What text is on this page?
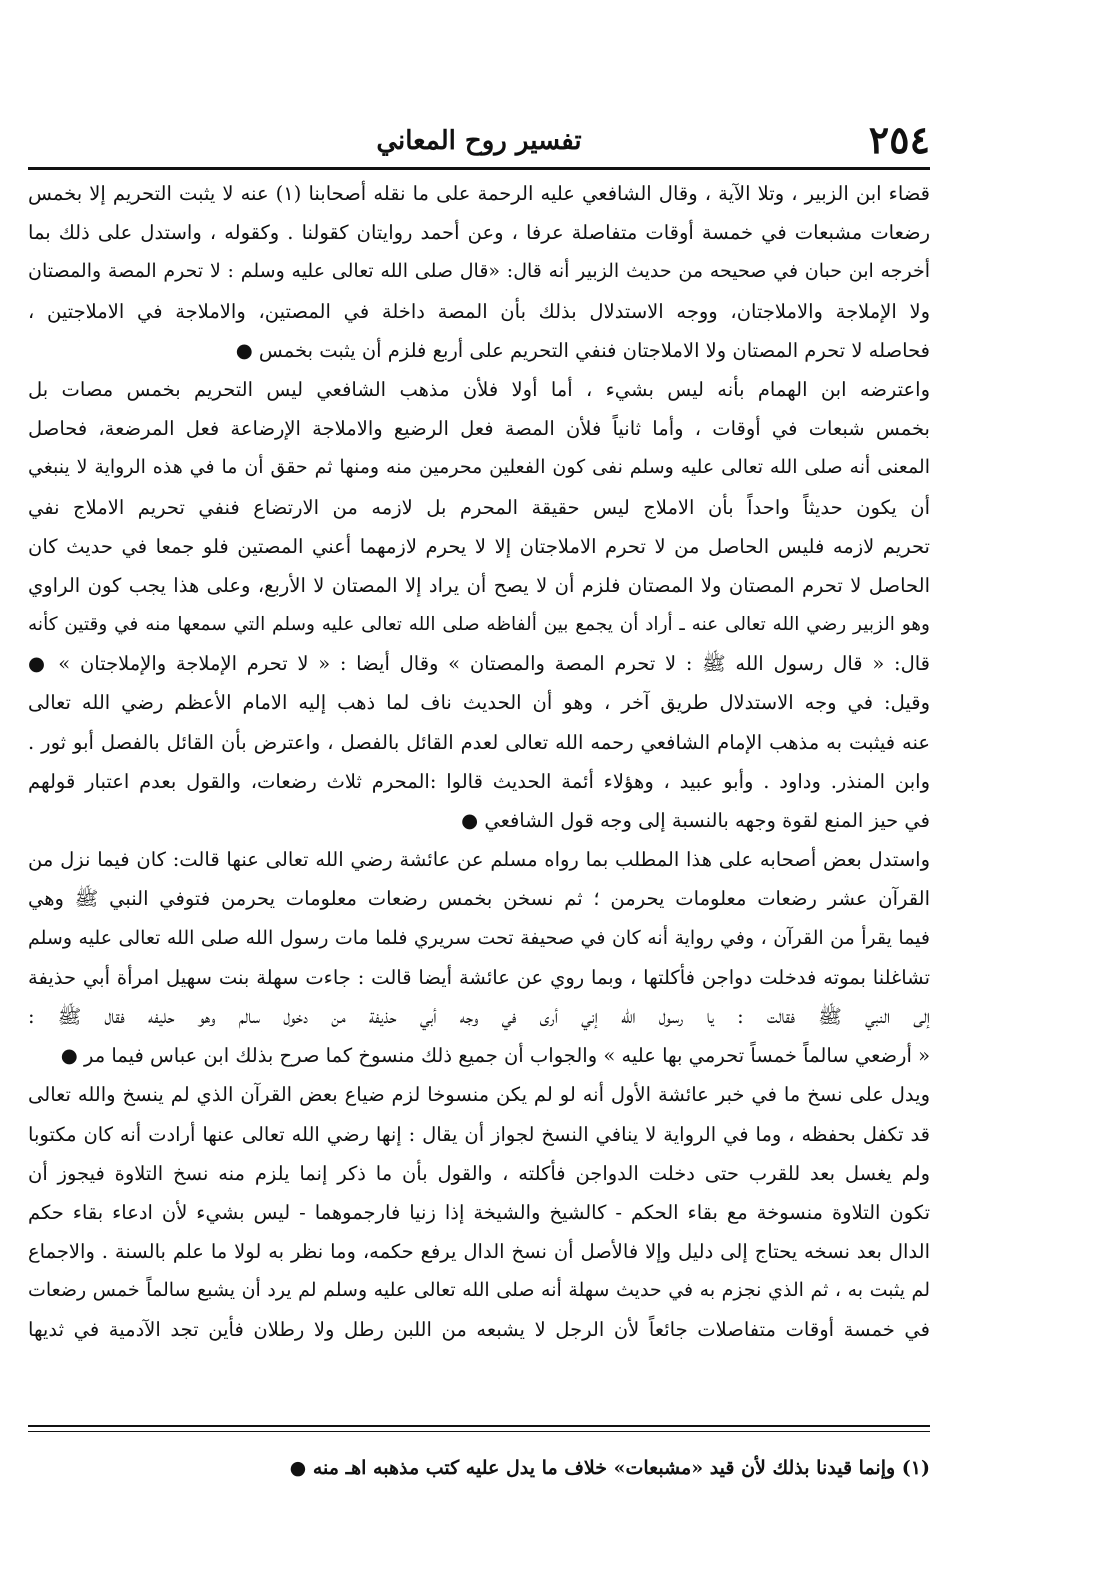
٢٥٤
تفسير روح المعاني
قضاء ابن الزبير ، وتلا الآية ، وقال الشافعي عليه الرحمة على ما نقله أصحابنا (١) عنه لا يثبت التحريم إلا بخمس
رضعات مشبعات في خمسة أوقات متفاصلة عرفا ، وعن أحمد روايتان كقولنا . وكقوله ، واستدل على ذلك بما
أخرجه ابن حبان في صحيحه من حديث الزبير أنه قال: «قال صلى الله تعالى عليه وسلم : لا تحرم المصة والمصتان
ولا الإملاجة والاملاجتان، ووجه الاستدلال بذلك بأن المصة داخلة في المصتين، والاملاجة في الاملاجتين ،
فحاصله لا تحرم المصتان ولا الاملاجتان فنفي التحريم على أربع فلزم أن يثبت بخمس ●
واعترضه ابن الهمام بأنه ليس بشيء ، أما أولا فلأن مذهب الشافعي ليس التحريم بخمس مصات بل
بخمس شبعات في أوقات ، وأما ثانياً فلأن المصة فعل الرضيع والاملاجة الإرضاعة فعل المرضعة، فحاصل
المعنى أنه صلى الله تعالى عليه وسلم نفى كون الفعلين محرمين منه ومنها ثم حقق أن ما في هذه الرواية لا ينبغي
أن يكون حديثاً واحداً بأن الاملاج ليس حقيقة المحرم بل لازمه من الارتضاع فنفي تحريم الاملاج نفي
تحريم لازمه فليس الحاصل من لا تحرم الاملاجتان إلا لا يحرم لازمهما أعني المصتين فلو جمعا في حديث كان
الحاصل لا تحرم المصتان ولا المصتان فلزم أن لا يصح أن يراد إلا المصتان لا الأربع، وعلى هذا يجب كون الراوي
وهو الزبير رضي الله تعالى عنه ـ أراد أن يجمع بين ألفاظه صلى الله تعالى عليه وسلم التي سمعها منه في وقتين كأنه
قال: « قال رسول الله ﷺ : لا تحرم المصة والمصتان » وقال أيضا : « لا تحرم الإملاجة والإملاجتان » ●
وقيل: في وجه الاستدلال طريق آخر ، وهو أن الحديث ناف لما ذهب إليه الامام الأعظم رضي الله تعالى
عنه فيثبت به مذهب الإمام الشافعي رحمه الله تعالى لعدم القائل بالفصل ، واعترض بأن القائل بالفصل أبو ثور .
وابن المنذر. وداود . وأبو عبيد ، وهؤلاء أئمة الحديث قالوا :المحرم ثلاث رضعات، والقول بعدم اعتبار قولهم
في حيز المنع لقوة وجهه بالنسبة إلى وجه قول الشافعي ●
واستدل بعض أصحابه على هذا المطلب بما رواه مسلم عن عائشة رضي الله تعالى عنها قالت: كان فيما نزل من
القرآن عشر رضعات معلومات يحرمن ؛ ثم نسخن بخمس رضعات معلومات يحرمن فتوفي النبي ﷺ وهي
فيما يقرأ من القرآن ، وفي رواية أنه كان في صحيفة تحت سريري فلما مات رسول الله صلى الله تعالى عليه وسلم
تشاغلنا بموته فدخلت دواجن فأكلتها ، وبما روي عن عائشة أيضا قالت : جاءت سهلة بنت سهيل امرأة أبي حذيفة
إلى النبي ﷺ فقالت : يا رسول الله إني أرى في وجه أبي حذيفة من دخول سالم وهو حليفه فقال ﷺ :
« أرضعي سالماً خمساً تحرمي بها عليه » والجواب أن جميع ذلك منسوخ كما صرح بذلك ابن عباس فيما مر ●
ويدل على نسخ ما في خبر عائشة الأول أنه لو لم يكن منسوخا لزم ضياع بعض القرآن الذي لم ينسخ والله تعالى
قد تكفل بحفظه ، وما في الرواية لا ينافي النسخ لجواز أن يقال : إنها رضي الله تعالى عنها أرادت أنه كان مكتوبا
ولم يغسل بعد للقرب حتى دخلت الدواجن فأكلته ، والقول بأن ما ذكر إنما يلزم منه نسخ التلاوة فيجوز أن
تكون التلاوة منسوخة مع بقاء الحكم - كالشيخ والشيخة إذا زنيا فارجموهما - ليس بشيء لأن ادعاء بقاء حكم
الدال بعد نسخه يحتاج إلى دليل وإلا فالأصل أن نسخ الدال يرفع حكمه، وما نظر به لولا ما علم بالسنة . والاجماع
لم يثبت به ، ثم الذي نجزم به في حديث سهلة أنه صلى الله تعالى عليه وسلم لم يرد أن يشبع سالماً خمس رضعات
في خمسة أوقات متفاصلات جائعاً لأن الرجل لا يشبعه من اللبن رطل ولا رطلان فأين تجد الآدمية في ثديها
(١) وإنما قيدنا بذلك لأن قيد «مشبعات» خلاف ما يدل عليه كتب مذهبه اهـ منه ●
